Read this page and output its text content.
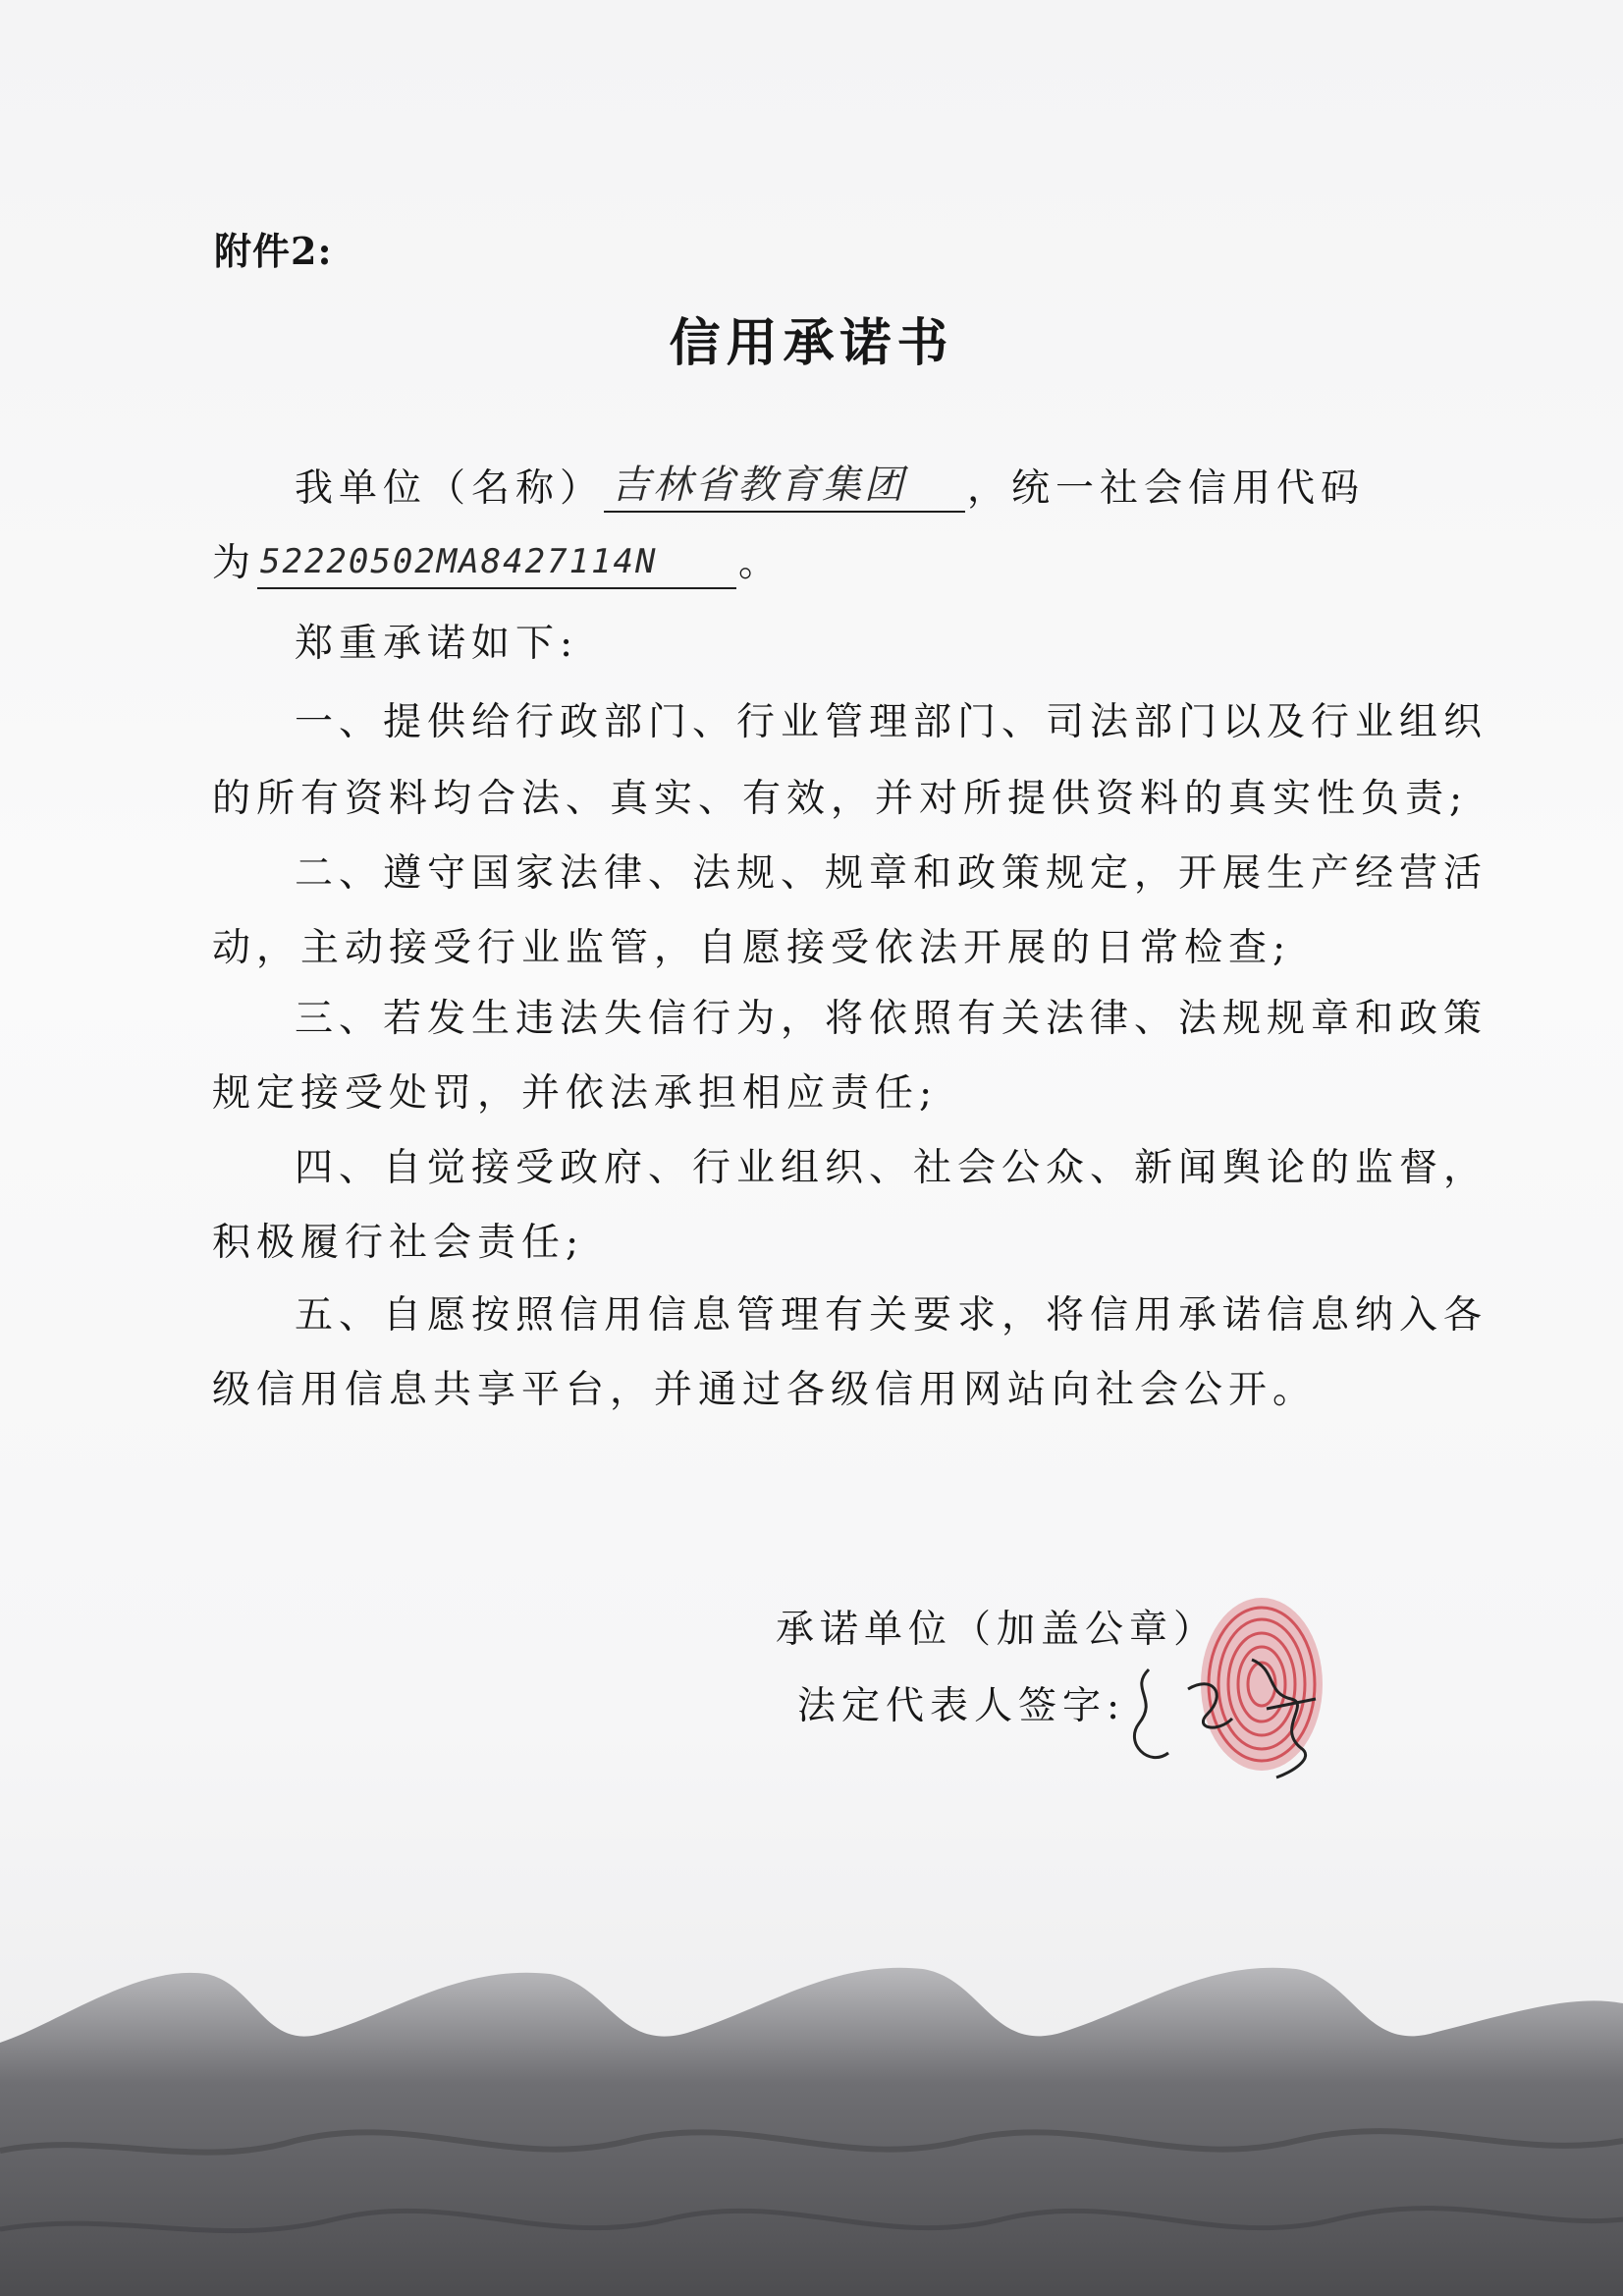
附件2:
信用承诺书
我单位（名称） 吉林省教育集团 ，统一社会信用代码
为 52220502MA8427114N 。
郑重承诺如下:
一、提供给行政部门、行业管理部门、司法部门以及行业组织
的所有资料均合法、真实、有效，并对所提供资料的真实性负责;
二、遵守国家法律、法规、规章和政策规定，开展生产经营活
动，主动接受行业监管，自愿接受依法开展的日常检查;
三、若发生违法失信行为，将依照有关法律、法规规章和政策
规定接受处罚，并依法承担相应责任;
四、自觉接受政府、行业组织、社会公众、新闻舆论的监督，
积极履行社会责任;
五、自愿按照信用信息管理有关要求，将信用承诺信息纳入各
级信用信息共享平台，并通过各级信用网站向社会公开。
承诺单位（加盖公章）
法定代表人签字:
